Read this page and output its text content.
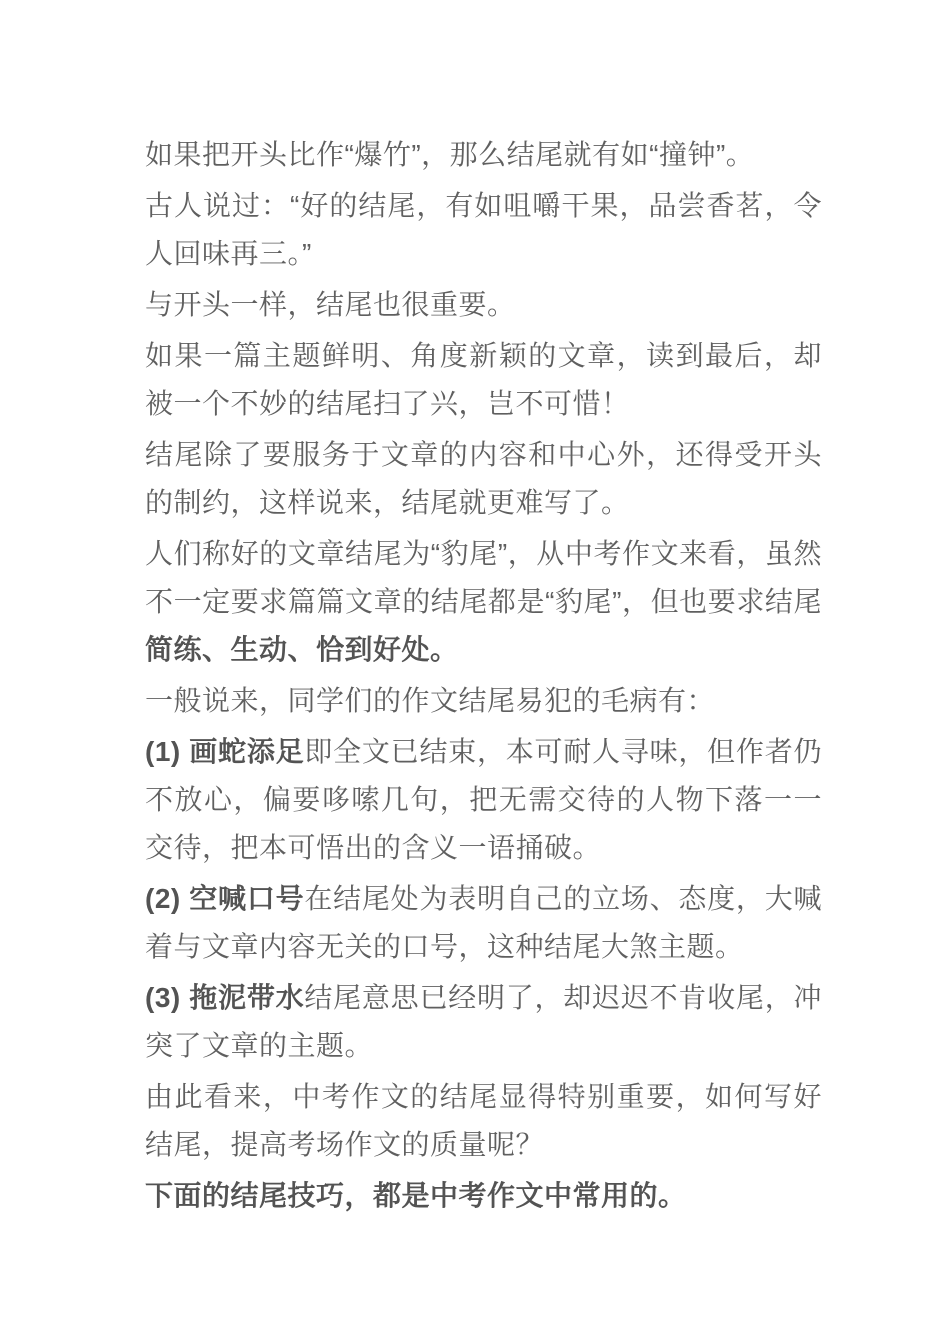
如果把开头比作“爆竹”，那么结尾就有如“撞钟”。

古人说过：“好的结尾，有如咀嚼干果，品尝香茗，令人回味再三。”

与开头一样，结尾也很重要。

如果一篇主题鲜明、角度新颖的文章，读到最后，却被一个不妙的结尾扫了兴，岂不可惜！

结尾除了要服务于文章的内容和中心外，还得受开头的制约，这样说来，结尾就更难写了。

人们称好的文章结尾为“豹尾”，从中考作文来看，虽然不一定要求篇篇文章的结尾都是“豹尾”，但也要求结尾简练、生动、恰到好处。

一般说来，同学们的作文结尾易犯的毛病有：

(1) 画蛇添足即全文已结束，本可耐人寻味，但作者仍不放心，偏要哆嗦几句，把无需交待的人物下落一一交待，把本可悟出的含义一语捅破。

(2) 空喊口号在结尾处为表明自己的立场、态度，大喊着与文章内容无关的口号，这种结尾大煞主题。

(3) 拖泥带水结尾意思已经明了，却迟迟不肯收尾，冲突了文章的主题。

由此看来，中考作文的结尾显得特别重要，如何写好结尾，提高考场作文的质量呢？

下面的结尾技巧，都是中考作文中常用的。
